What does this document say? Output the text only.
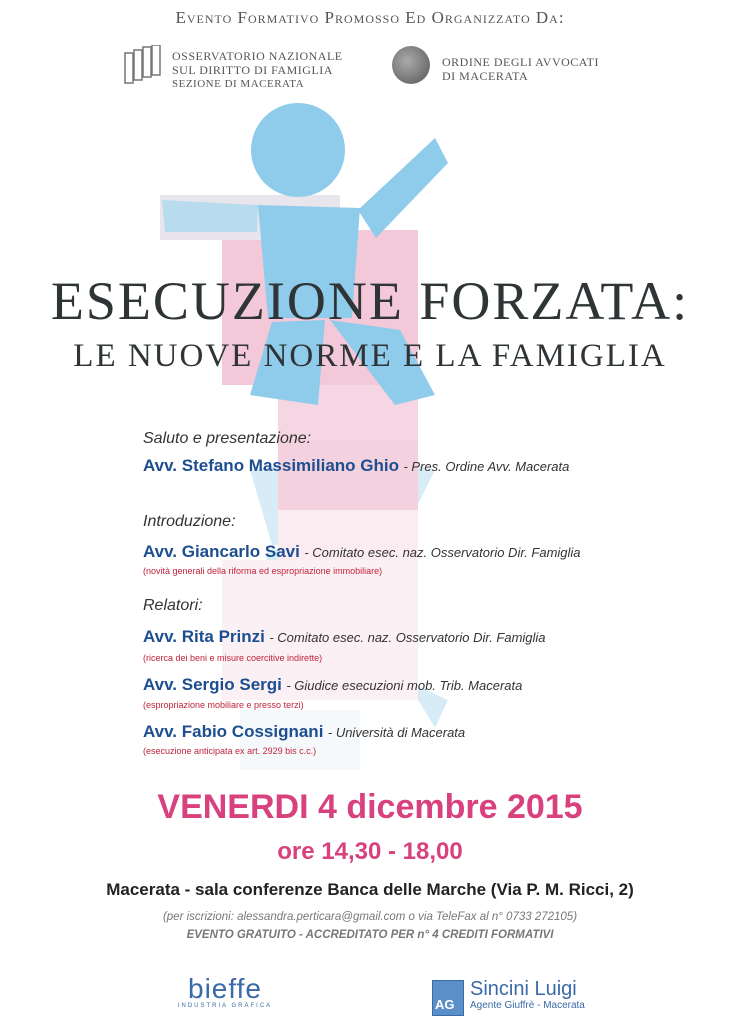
Evento Formativo Promosso Ed Organizzato Da:
OSSERVATORIO NAZIONALE
SUL DIRITTO DI FAMIGLIA
SEZIONE DI MACERATA
ORDINE DEGLI AVVOCATI
DI MACERATA
ESECUZIONE FORZATA:
LE NUOVE NORME E LA FAMIGLIA
Saluto e presentazione:
Avv. Stefano Massimiliano Ghio - Pres. Ordine Avv. Macerata
Introduzione:
Avv. Giancarlo Savi - Comitato esec. naz. Osservatorio Dir. Famiglia
(novità generali della riforma ed espropriazione immobiliare)
Relatori:
Avv. Rita Prinzi - Comitato esec. naz. Osservatorio Dir. Famiglia
(ricerca dei beni e misure coercitive indirette)
Avv. Sergio Sergi - Giudice esecuzioni mob. Trib. Macerata
(espropriazione mobiliare e presso terzi)
Avv. Fabio Cossignani - Università di Macerata
(esecuzione anticipata ex art. 2929 bis c.c.)
VENERDI 4 dicembre 2015
ore 14,30 - 18,00
Macerata - sala conferenze Banca delle Marche (Via P. M. Ricci, 2)
(per iscrizioni: alessandra.perticara@gmail.com o via TeleFax al n° 0733 272105)
EVENTO GRATUITO - ACCREDITATO PER n° 4 CREDITI FORMATIVI
bieffe
INDUSTRIA GRAFICA	AG
Sincini Luigi
Agente Giuffrè - Macerata
